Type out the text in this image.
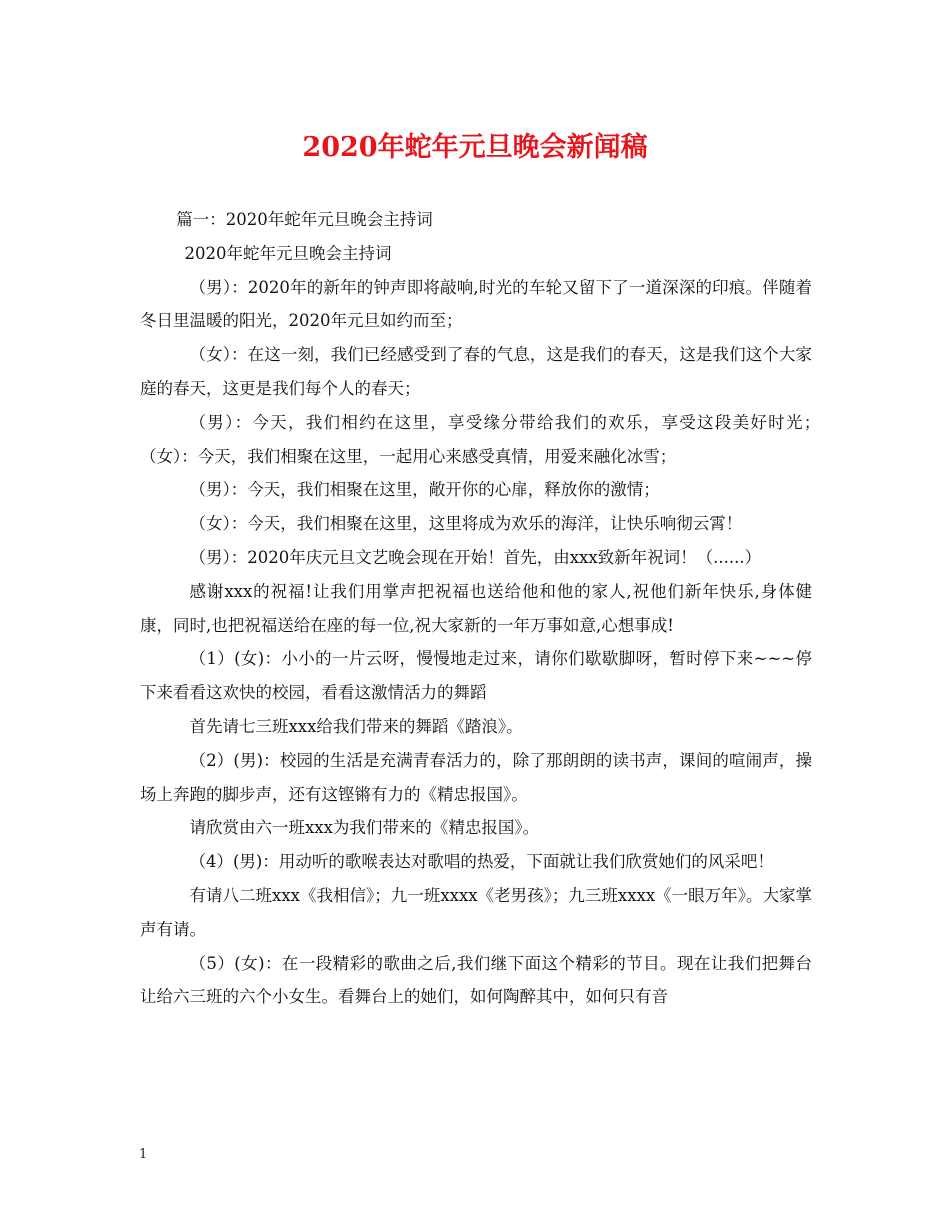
2020年蛇年元旦晚会新闻稿

篇一：2020年蛇年元旦晚会主持词

2020年蛇年元旦晚会主持词

（男）：2020年的新年的钟声即将敲响,时光的车轮又留下了一道深深的印痕。伴随着冬日里温暖的阳光，2020年元旦如约而至；

（女）：在这一刻，我们已经感受到了春的气息，这是我们的春天，这是我们这个大家庭的春天，这更是我们每个人的春天；

（男）：今天，我们相约在这里，享受缘分带给我们的欢乐，享受这段美好时光；　（女）：今天，我们相聚在这里，一起用心来感受真情，用爱来融化冰雪；

（男）：今天，我们相聚在这里，敞开你的心扉，释放你的激情；

（女）：今天，我们相聚在这里，这里将成为欢乐的海洋，让快乐响彻云霄！

（男）：2020年庆元旦文艺晚会现在开始！首先，由xxx致新年祝词！（......）

感谢xxx的祝福!让我们用掌声把祝福也送给他和他的家人,祝他们新年快乐,身体健康，同时,也把祝福送给在座的每一位,祝大家新的一年万事如意,心想事成!

（1）(女)：小小的一片云呀，慢慢地走过来，请你们歇歇脚呀，暂时停下来~~~停下来看看这欢快的校园，看看这激情活力的舞蹈

首先请七三班xxx给我们带来的舞蹈《踏浪》。

（2）(男)：校园的生活是充满青春活力的，除了那朗朗的读书声，课间的喧闹声，操场上奔跑的脚步声，还有这铿锵有力的《精忠报国》。

请欣赏由六一班xxx为我们带来的《精忠报国》。

（4）(男)：用动听的歌喉表达对歌唱的热爱，下面就让我们欣赏她们的风采吧！

有请八二班xxx《我相信》；九一班xxxx《老男孩》；九三班xxxx《一眼万年》。大家掌声有请。

（5）(女)：在一段精彩的歌曲之后,我们继下面这个精彩的节目。现在让我们把舞台让给六三班的六个小女生。看舞台上的她们，如何陶醉其中，如何只有音

1
